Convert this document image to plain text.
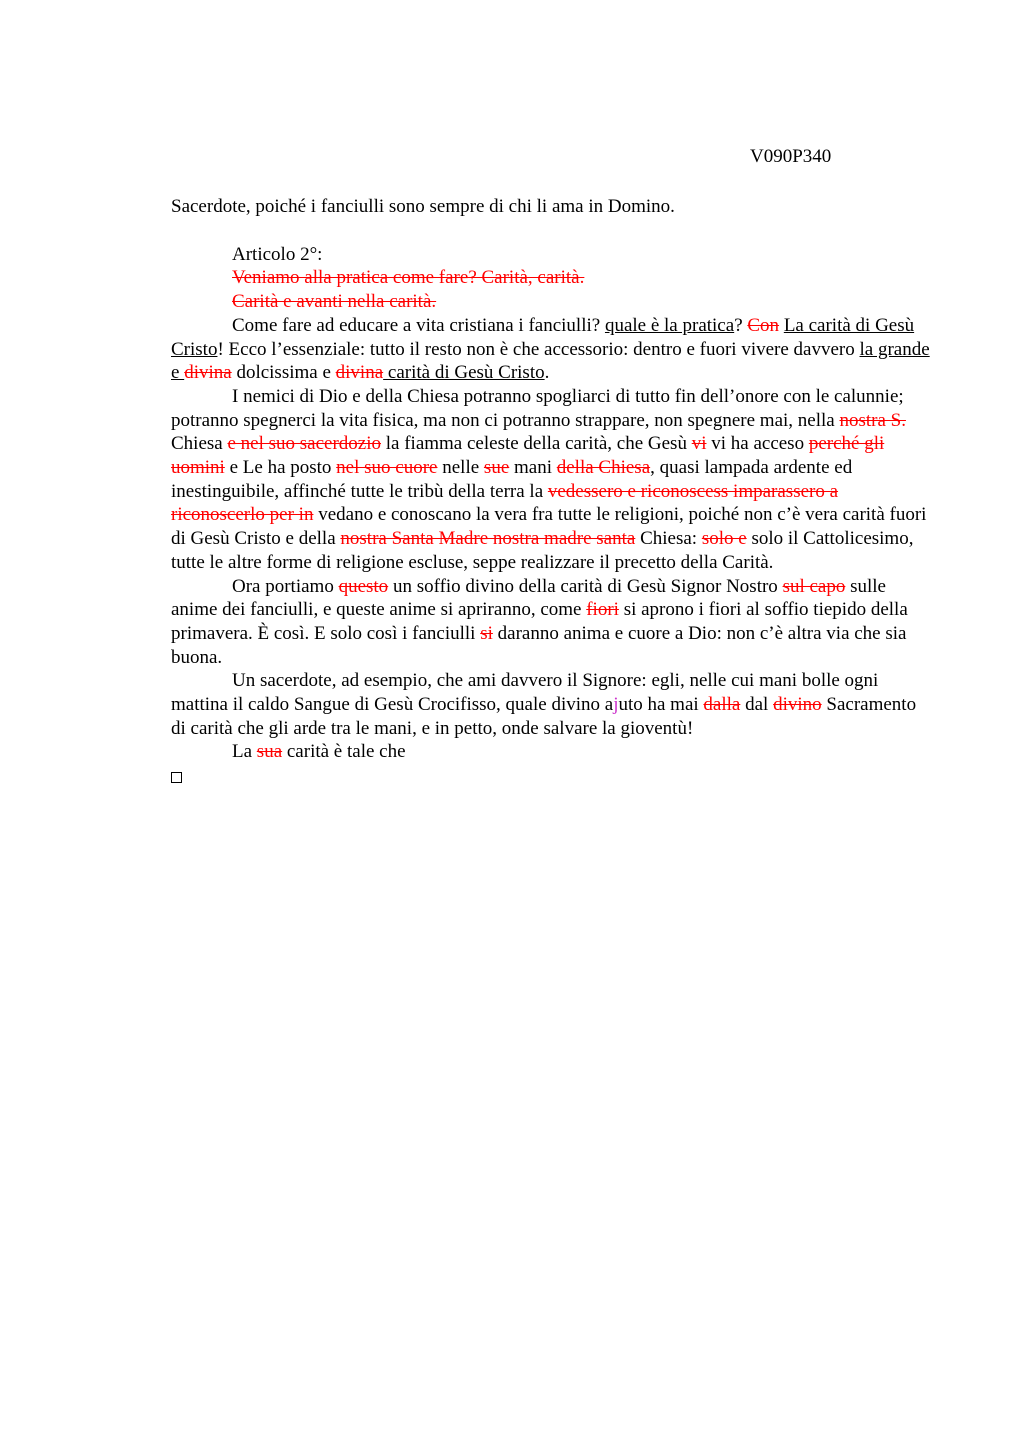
V090P340

Sacerdote, poiché i fanciulli sono sempre di chi li ama in Domino.

Articolo 2°:

Veniamo alla pratica come fare? Carità, carità.

Carità e avanti nella carità.

Come fare ad educare a vita cristiana i fanciulli? quale è la pratica? Con La carità di Gesù Cristo! Ecco l’essenziale: tutto il resto non è che accessorio: dentro e fuori vivere davvero la grande e divina dolcissima e divina carità di Gesù Cristo.

I nemici di Dio e della Chiesa potranno spogliarci di tutto fin dell’onore con le calunnie; potranno spegnerci la vita fisica, ma non ci potranno strappare, non spegnere mai, nella nostra S. Chiesa e nel suo sacerdozio la fiamma celeste della carità, che Gesù vi vi ha acceso perché gli uomini e Le ha posto nel suo cuore nelle sue mani della Chiesa, quasi lampada ardente ed inestinguibile, affinché tutte le tribù della terra la vedessero e riconoscess imparassero a riconoscerlo per in vedano e conoscano la vera fra tutte le religioni, poiché non c’è vera carità fuori di Gesù Cristo e della nostra Santa Madre nostra madre santa Chiesa: solo e solo il Cattolicesimo, tutte le altre forme di religione escluse, seppe realizzare il precetto della Carità.

Ora portiamo questo un soffio divino della carità di Gesù Signor Nostro sul capo sulle anime dei fanciulli, e queste anime si apriranno, come fiori si aprono i fiori al soffio tiepido della primavera. È così. E solo così i fanciulli si daranno anima e cuore a Dio: non c’è altra via che sia buona.

Un sacerdote, ad esempio, che ami davvero il Signore: egli, nelle cui mani bolle ogni mattina il caldo Sangue di Gesù Crocifisso, quale divino ajuto ha mai dalla dal divino Sacramento di carità che gli arde tra le mani, e in petto, onde salvare la gioventù!

La sua carità è tale che
